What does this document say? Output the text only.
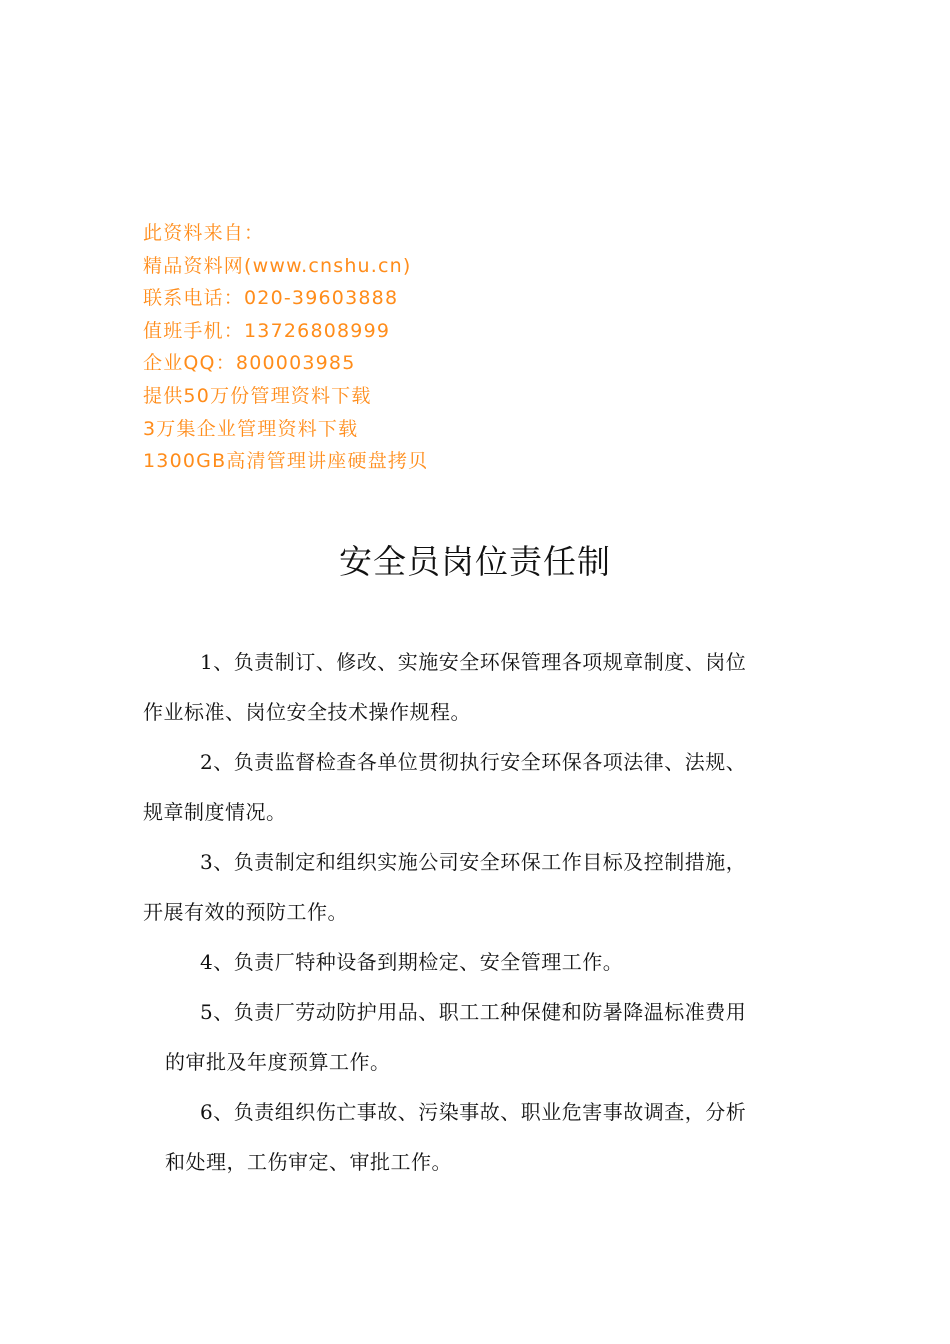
此资料来自：
精品资料网(www.cnshu.cn)
联系电话：020-39603888
值班手机：13726808999
企业QQ：800003985
提供50万份管理资料下载
3万集企业管理资料下载
1300GB高清管理讲座硬盘拷贝
安全员岗位责任制

1、负责制订、修改、实施安全环保管理各项规章制度、岗位
作业标准、岗位安全技术操作规程。

2、负责监督检查各单位贯彻执行安全环保各项法律、法规、
规章制度情况。

3、负责制定和组织实施公司安全环保工作目标及控制措施，
开展有效的预防工作。

4、负责厂特种设备到期检定、安全管理工作。

5、负责厂劳动防护用品、职工工种保健和防暑降温标准费用
的审批及年度预算工作。

6、负责组织伤亡事故、污染事故、职业危害事故调查，分析
和处理，工伤审定、审批工作。
